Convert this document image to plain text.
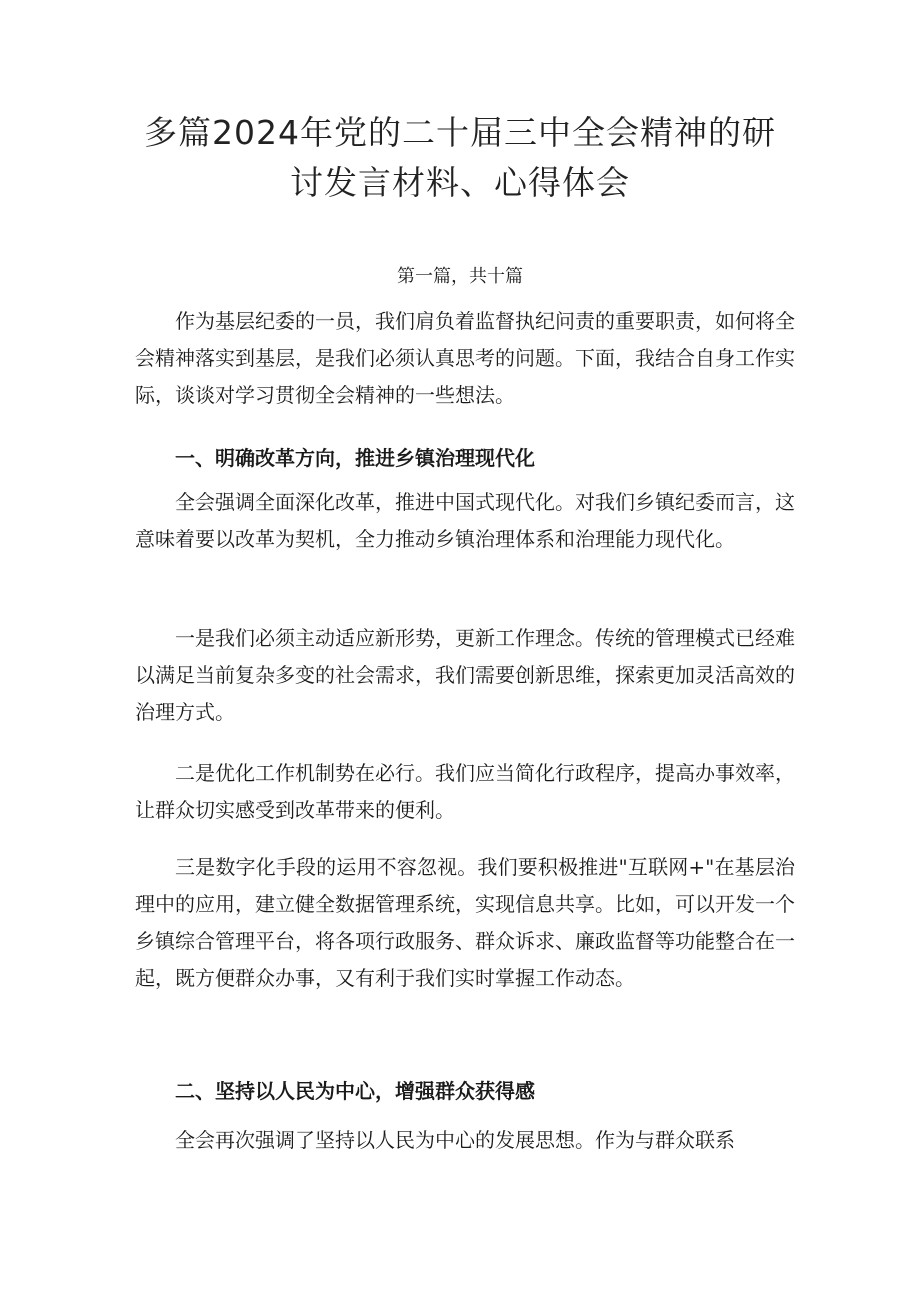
多篇2024年党的二十届三中全会精神的研
讨发言材料、心得体会
第一篇，共十篇

作为基层纪委的一员，我们肩负着监督执纪问责的重要职责，如何将全会精神落实到基层，是我们必须认真思考的问题。下面，我结合自身工作实际，谈谈对学习贯彻全会精神的一些想法。

一、明确改革方向，推进乡镇治理现代化

全会强调全面深化改革，推进中国式现代化。对我们乡镇纪委而言，这意味着要以改革为契机，全力推动乡镇治理体系和治理能力现代化。

一是我们必须主动适应新形势，更新工作理念。传统的管理模式已经难以满足当前复杂多变的社会需求，我们需要创新思维，探索更加灵活高效的治理方式。

二是优化工作机制势在必行。我们应当简化行政程序，提高办事效率，让群众切实感受到改革带来的便利。

三是数字化手段的运用不容忽视。我们要积极推进"互联网+"在基层治理中的应用，建立健全数据管理系统，实现信息共享。比如，可以开发一个乡镇综合管理平台，将各项行政服务、群众诉求、廉政监督等功能整合在一起，既方便群众办事，又有利于我们实时掌握工作动态。

二、坚持以人民为中心，增强群众获得感

全会再次强调了坚持以人民为中心的发展思想。作为与群众联系
